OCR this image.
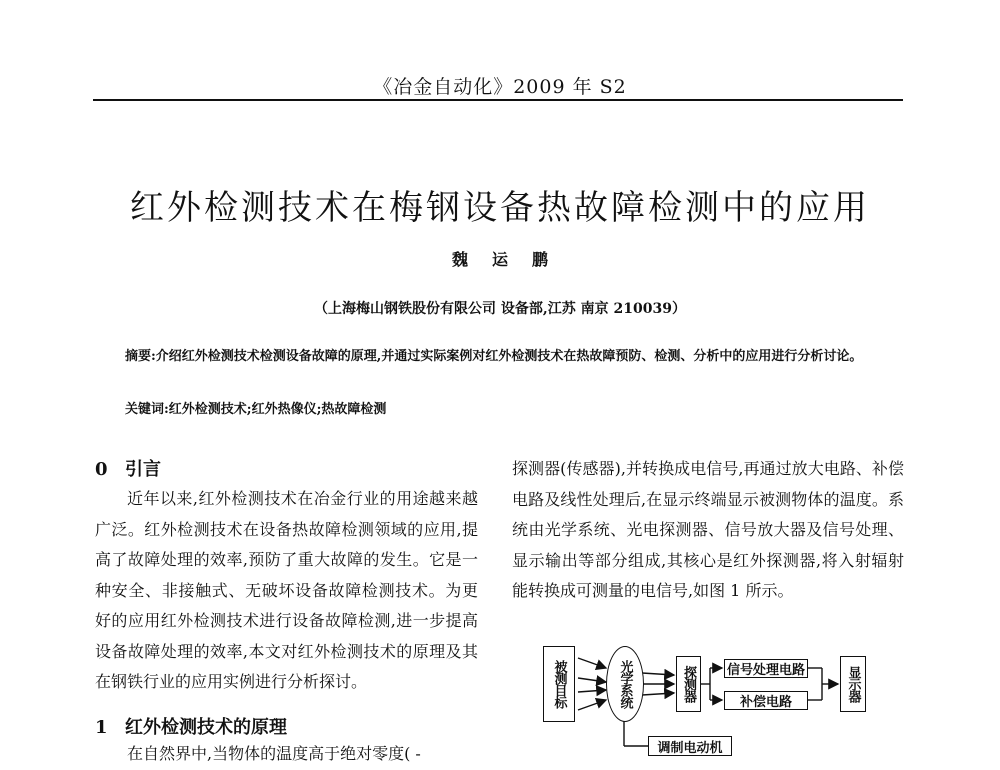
《冶金自动化》2009 年 S2
红外检测技术在梅钢设备热故障检测中的应用
魏运鹏
（上海梅山钢铁股份有限公司 设备部,江苏 南京 210039）
摘要:介绍红外检测技术检测设备故障的原理,并通过实际案例对红外检测技术在热故障预防、检测、分析中的应用进行分析讨论。
关键词:红外检测技术;红外热像仪;热故障检测
0 引言
近年以来,红外检测技术在冶金行业的用途越来越广泛。红外检测技术在设备热故障检测领域的应用,提高了故障处理的效率,预防了重大故障的发生。它是一种安全、非接触式、无破坏设备故障检测技术。为更好的应用红外检测技术进行设备故障检测,进一步提高设备故障处理的效率,本文对红外检测技术的原理及其在钢铁行业的应用实例进行分析探讨。
1 红外检测技术的原理
在自然界中,当物体的温度高于绝对零度( -
探测器(传感器),并转换成电信号,再通过放大电路、补偿电路及线性处理后,在显示终端显示被测物体的温度。系统由光学系统、光电探测器、信号放大器及信号处理、显示输出等部分组成,其核心是红外探测器,将入射辐射能转换成可测量的电信号,如图 1 所示。
被测目标	光学系统	探测器	信号处理电路
补偿电路
显示器
调制电动机
